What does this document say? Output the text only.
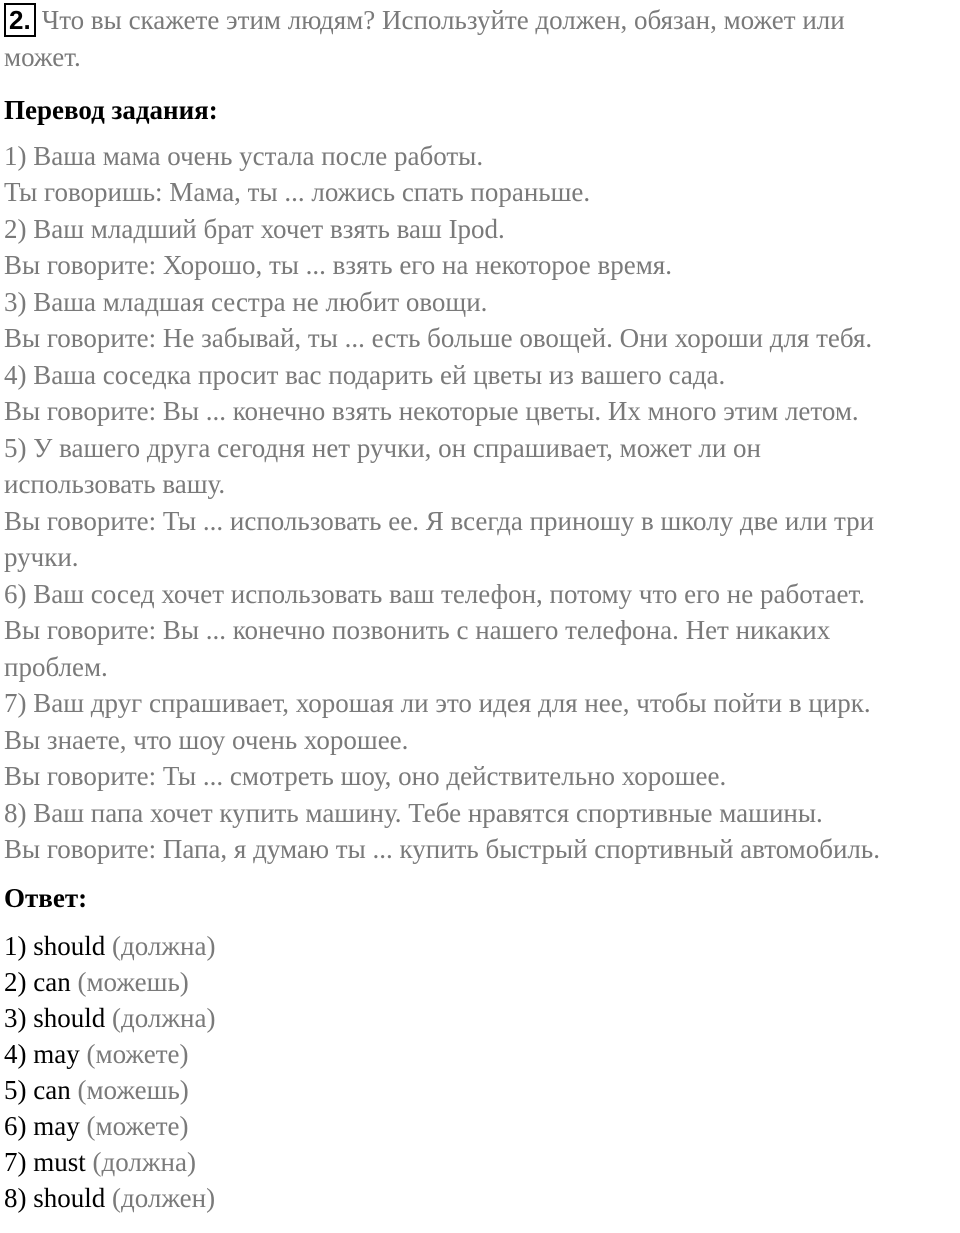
2. Что вы скажете этим людям? Используйте должен, обязан, может или
может.
Перевод задания:
1) Ваша мама очень устала после работы.
Ты говоришь: Мама, ты ... ложись спать пораньше.
2) Ваш младший брат хочет взять ваш Ipod.
Вы говорите: Хорошо, ты ... взять его на некоторое время.
3) Ваша младшая сестра не любит овощи.
Вы говорите: Не забывай, ты ... есть больше овощей. Они хороши для тебя.
4) Ваша соседка просит вас подарить ей цветы из вашего сада.
Вы говорите: Вы ... конечно взять некоторые цветы. Их много этим летом.
5) У вашего друга сегодня нет ручки, он спрашивает, может ли он
использовать вашу.
Вы говорите: Ты ... использовать ее. Я всегда приношу в школу две или три
ручки.
6) Ваш сосед хочет использовать ваш телефон, потому что его не работает.
Вы говорите: Вы ... конечно позвонить с нашего телефона. Нет никаких
проблем.
7) Ваш друг спрашивает, хорошая ли это идея для нее, чтобы пойти в цирк.
Вы знаете, что шоу очень хорошее.
Вы говорите: Ты ... смотреть шоу, оно действительно хорошее.
8) Ваш папа хочет купить машину. Тебе нравятся спортивные машины.
Вы говорите: Папа, я думаю ты ... купить быстрый спортивный автомобиль.
Ответ:
1) should (должна)
2) can (можешь)
3) should (должна)
4) may (можете)
5) can (можешь)
6) may (можете)
7) must (должна)
8) should (должен)
